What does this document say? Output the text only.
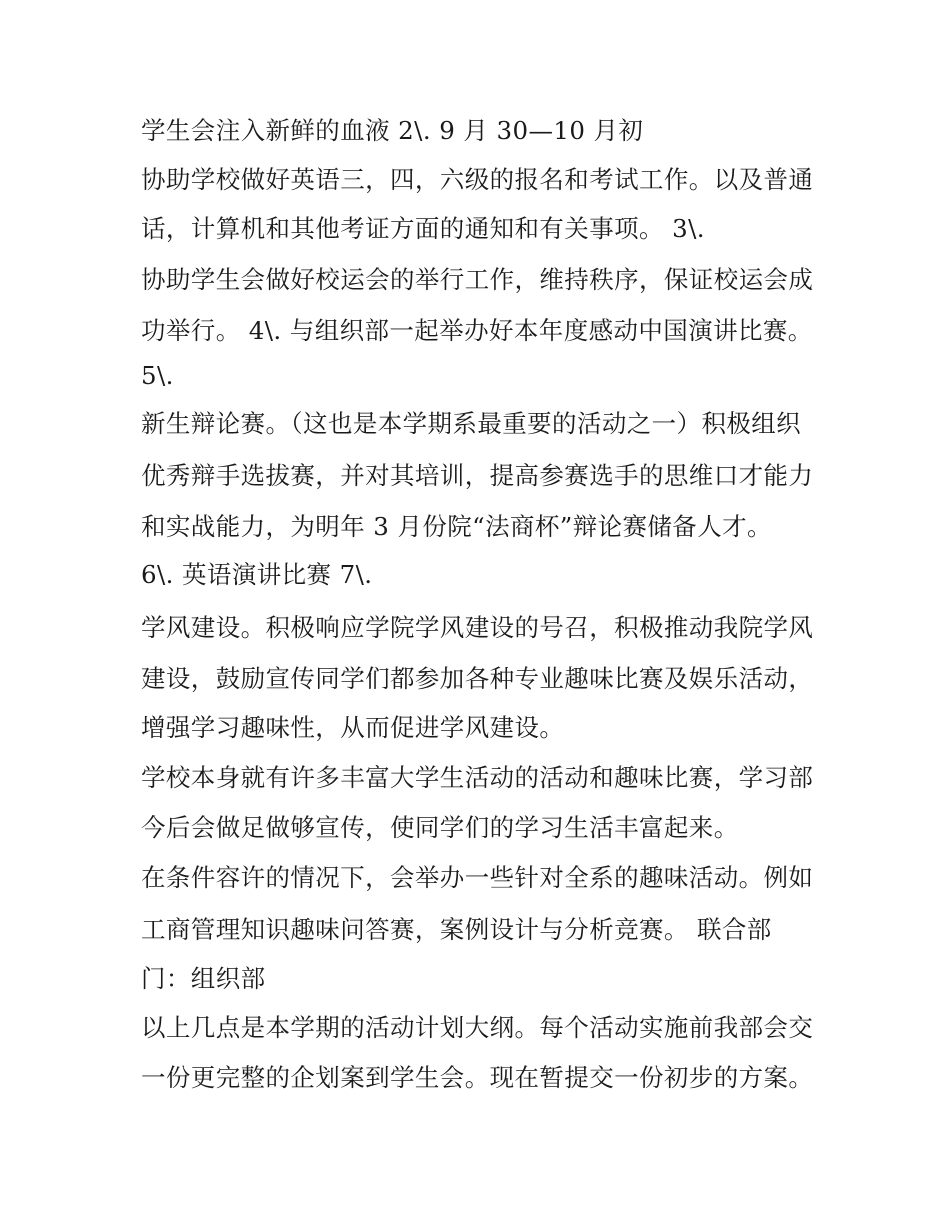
学生会注入新鲜的血液 2\. 9 月 30—10 月初
协助学校做好英语三，四，六级的报名和考试工作。以及普通
话，计算机和其他考证方面的通知和有关事项。 3\.
协助学生会做好校运会的举行工作，维持秩序，保证校运会成
功举行。 4\. 与组织部一起举办好本年度感动中国演讲比赛。
5\.
新生辩论赛。（这也是本学期系最重要的活动之一）积极组织
优秀辩手选拔赛，并对其培训，提高参赛选手的思维口才能力
和实战能力，为明年 3 月份院“法商杯”辩论赛储备人才。
6\. 英语演讲比赛 7\.
学风建设。积极响应学院学风建设的号召，积极推动我院学风
建设，鼓励宣传同学们都参加各种专业趣味比赛及娱乐活动，
增强学习趣味性，从而促进学风建设。
学校本身就有许多丰富大学生活动的活动和趣味比赛，学习部
今后会做足做够宣传，使同学们的学习生活丰富起来。
在条件容许的情况下，会举办一些针对全系的趣味活动。例如
工商管理知识趣味问答赛，案例设计与分析竞赛。 联合部
门：组织部
以上几点是本学期的活动计划大纲。每个活动实施前我部会交
一份更完整的企划案到学生会。现在暂提交一份初步的方案。
